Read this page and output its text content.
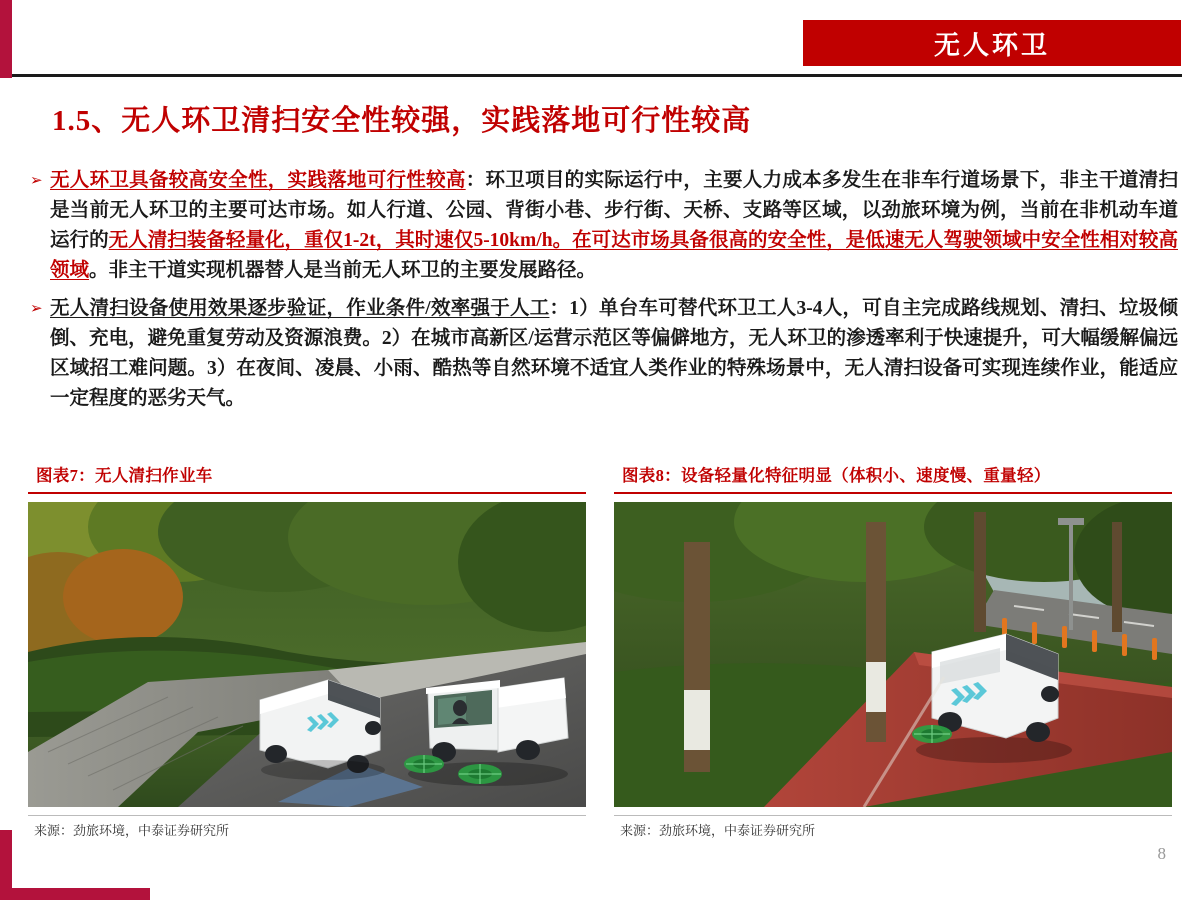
无人环卫
1.5、无人环卫清扫安全性较强，实践落地可行性较高
➢ 无人环卫具备较高安全性，实践落地可行性较高：环卫项目的实际运行中，主要人力成本多发生在非车行道场景下，非主干道清扫是当前无人环卫的主要可达市场。如人行道、公园、背街小巷、步行街、天桥、支路等区域，以劲旅环境为例，当前在非机动车道运行的无人清扫装备轻量化，重仅1-2t，其时速仅5-10km/h。在可达市场具备很高的安全性，是低速无人驾驶领域中安全性相对较高领域。非主干道实现机器替人是当前无人环卫的主要发展路径。
➢ 无人清扫设备使用效果逐步验证，作业条件/效率强于人工：1）单台车可替代环卫工人3-4人，可自主完成路线规划、清扫、垃圾倾倒、充电，避免重复劳动及资源浪费。2）在城市高新区/运营示范区等偏僻地方，无人环卫的渗透率利于快速提升，可大幅缓解偏远区域招工难问题。3）在夜间、凌晨、小雨、酷热等自然环境不适宜人类作业的特殊场景中，无人清扫设备可实现连续作业，能适应一定程度的恶劣天气。
图表7：无人清扫作业车
来源：劲旅环境，中泰证券研究所
图表8：设备轻量化特征明显（体积小、速度慢、重量轻）
来源：劲旅环境，中泰证券研究所
8
